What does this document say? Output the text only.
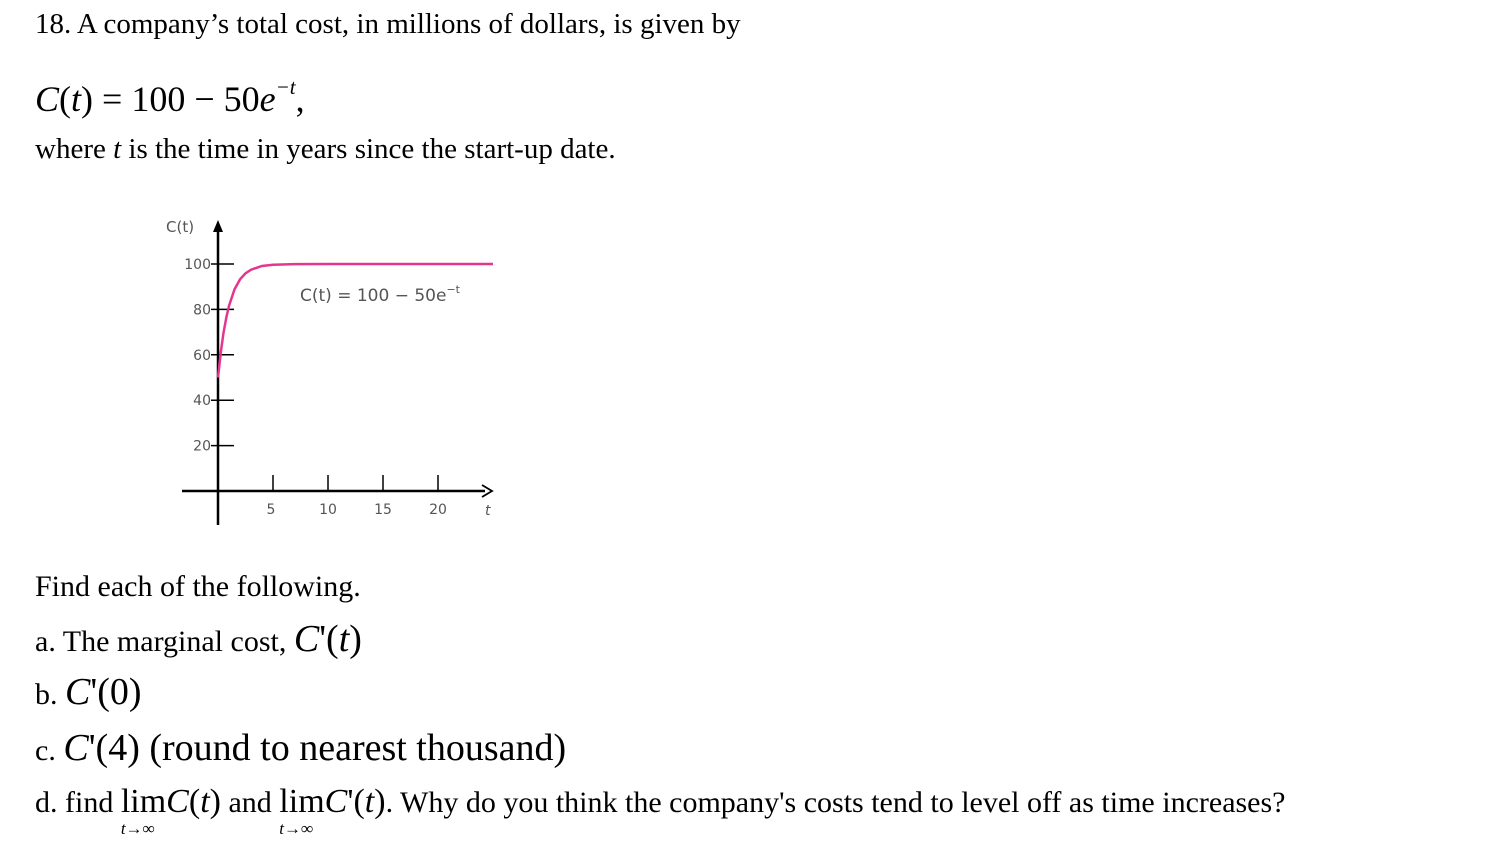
18. A company’s total cost, in millions of dollars, is given by
$C(t) = 100 - 50e^{-t}$,
where t is the time in years since the start-up date.
C(t)
t
20
40
60
80
100
5	10	15	20
$C(t) = 100 - 50e^{-t}$
Find each of the following.
a. The marginal cost, C'(t)
b. C'(0)
c. C'(4) (round to nearest thousand)
d. find lim
t→∞
C(t) and lim
t→∞
C'(t). Why do you think the company's costs tend to level off as time increases?
